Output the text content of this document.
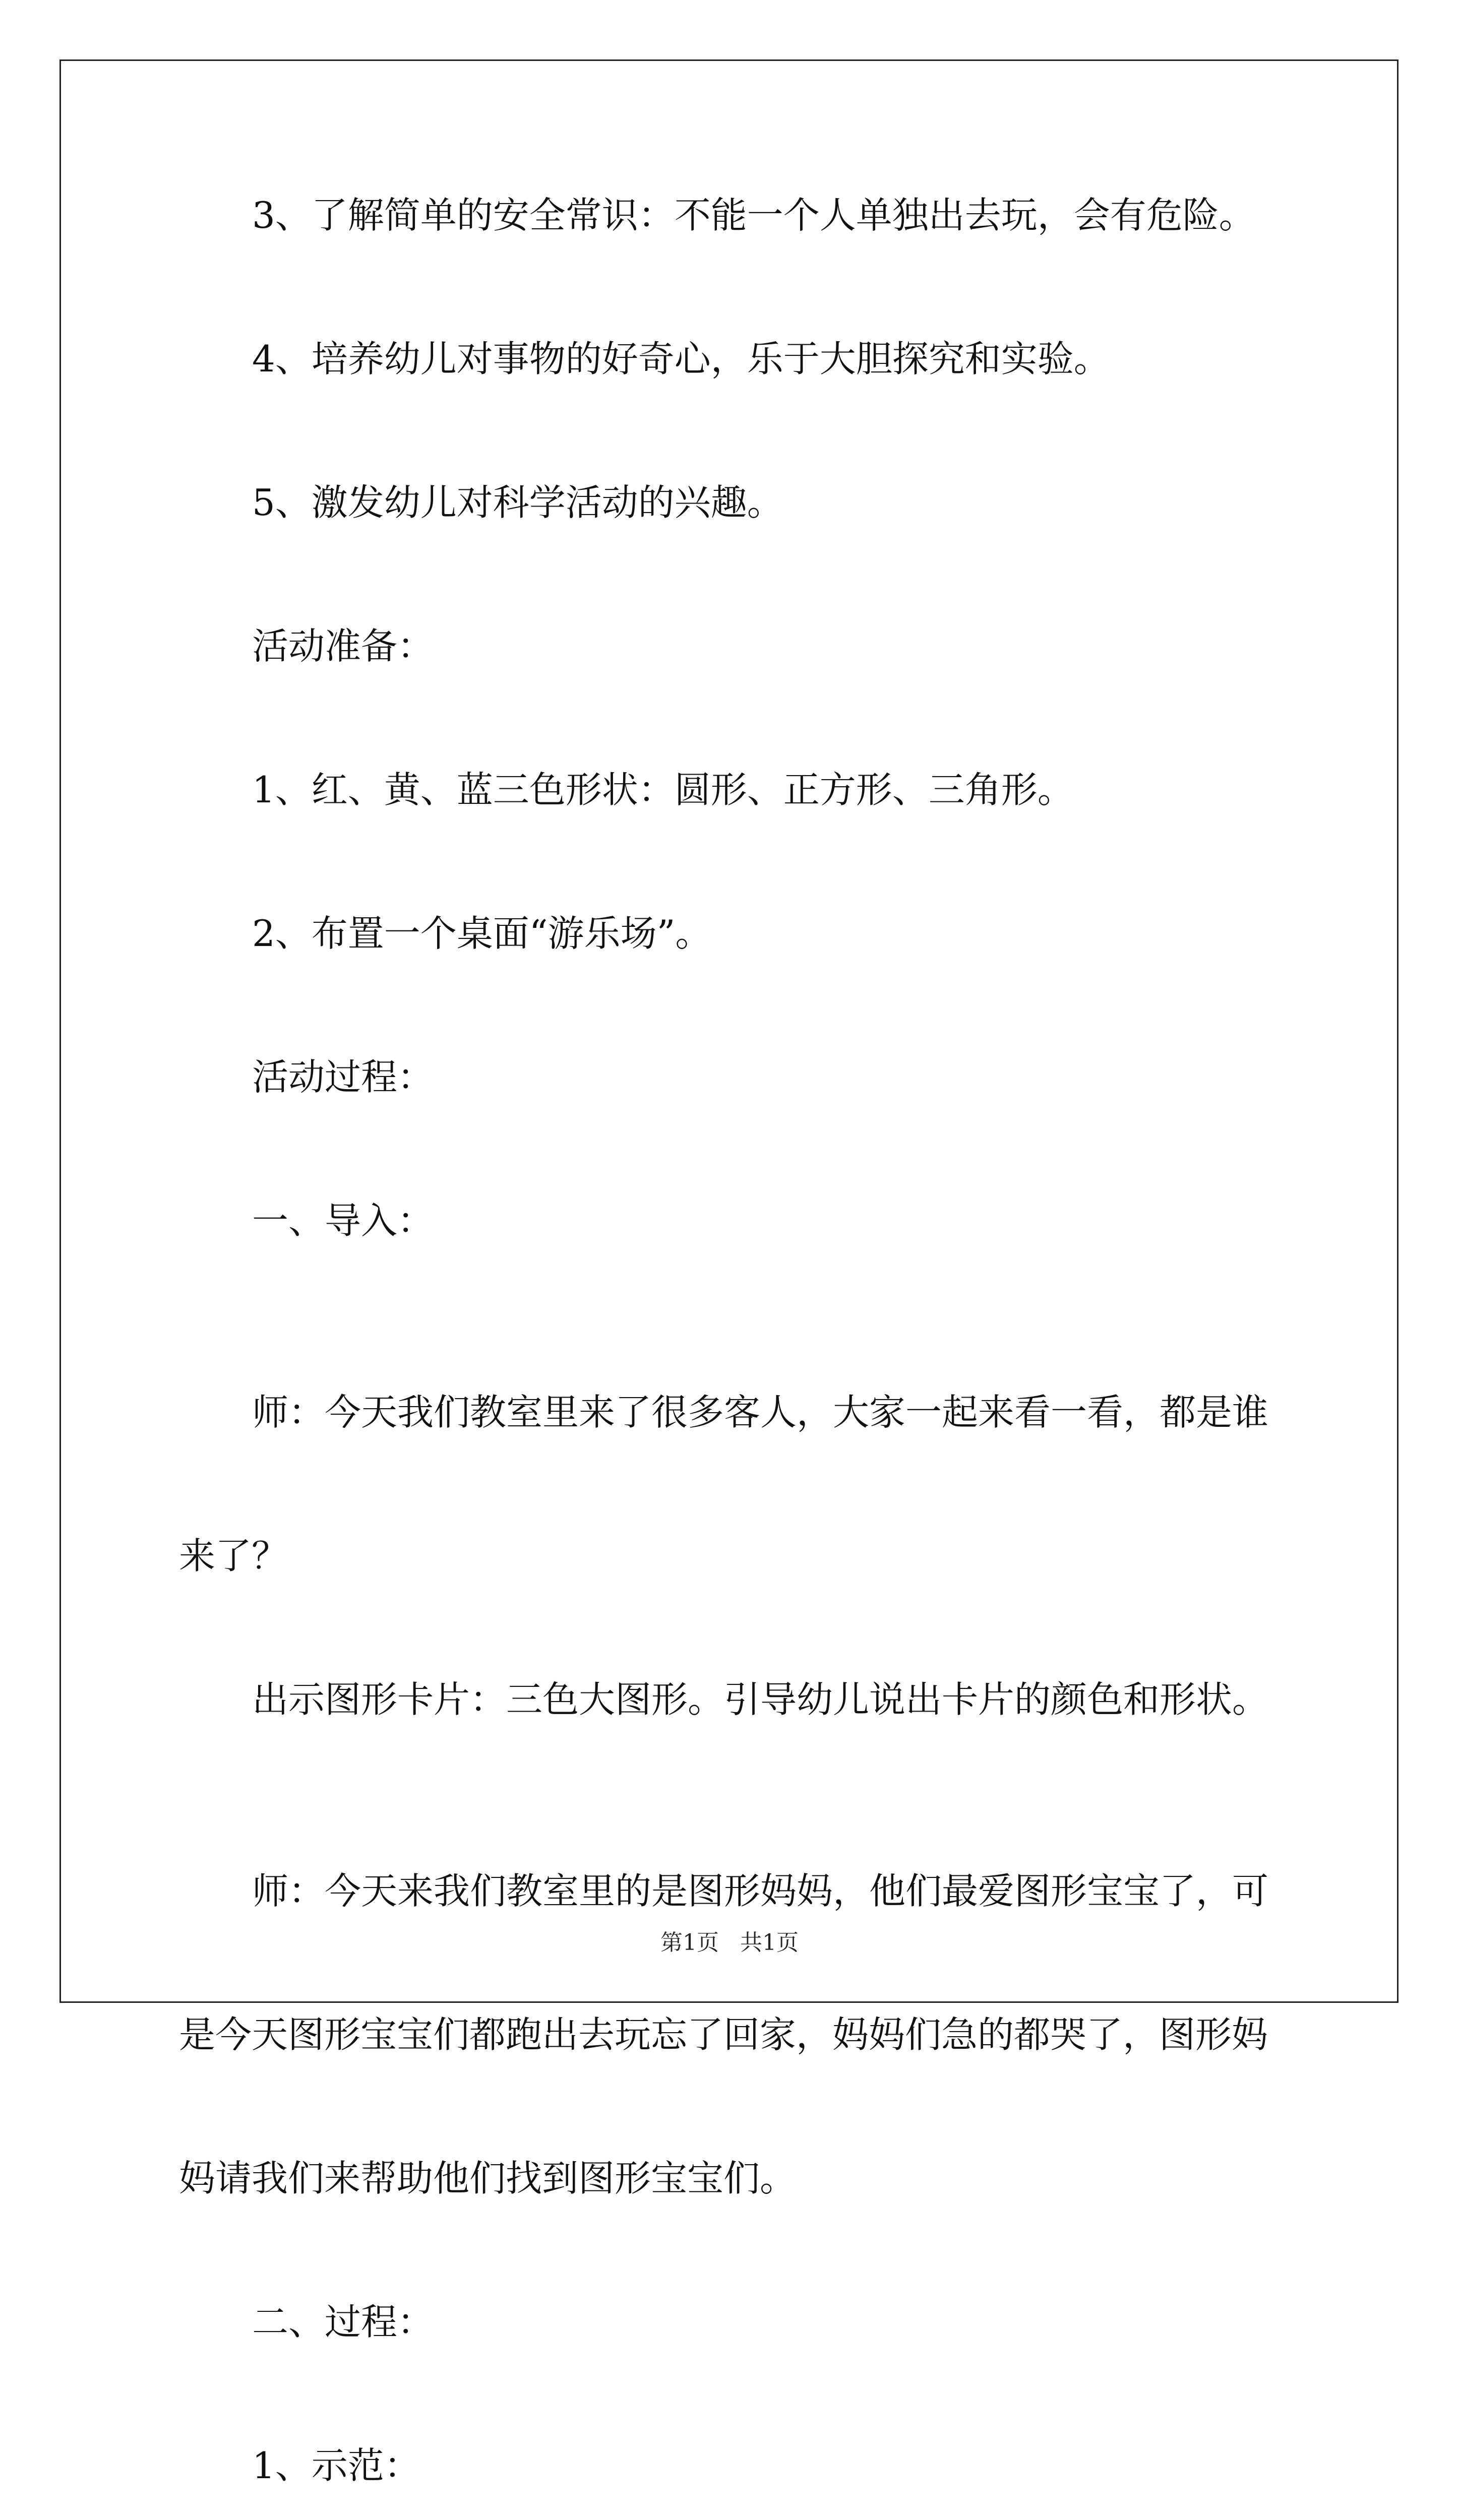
3、了解简单的安全常识：不能一个人单独出去玩，会有危险。

4、培养幼儿对事物的好奇心，乐于大胆探究和实验。

5、激发幼儿对科学活动的兴趣。

活动准备：

1、红、黄、蓝三色形状：圆形、正方形、三角形。

2、布置一个桌面“游乐场”。

活动过程：

一、导入：

师：今天我们教室里来了很多客人，大家一起来看一看，都是谁来了？

出示图形卡片：三色大图形。引导幼儿说出卡片的颜色和形状。

师：今天来我们教室里的是图形妈妈，他们最爱图形宝宝了，可是今天图形宝宝们都跑出去玩忘了回家，妈妈们急的都哭了，图形妈妈请我们来帮助他们找到图形宝宝们。

二、过程：

1、示范：

第1页 共1页
